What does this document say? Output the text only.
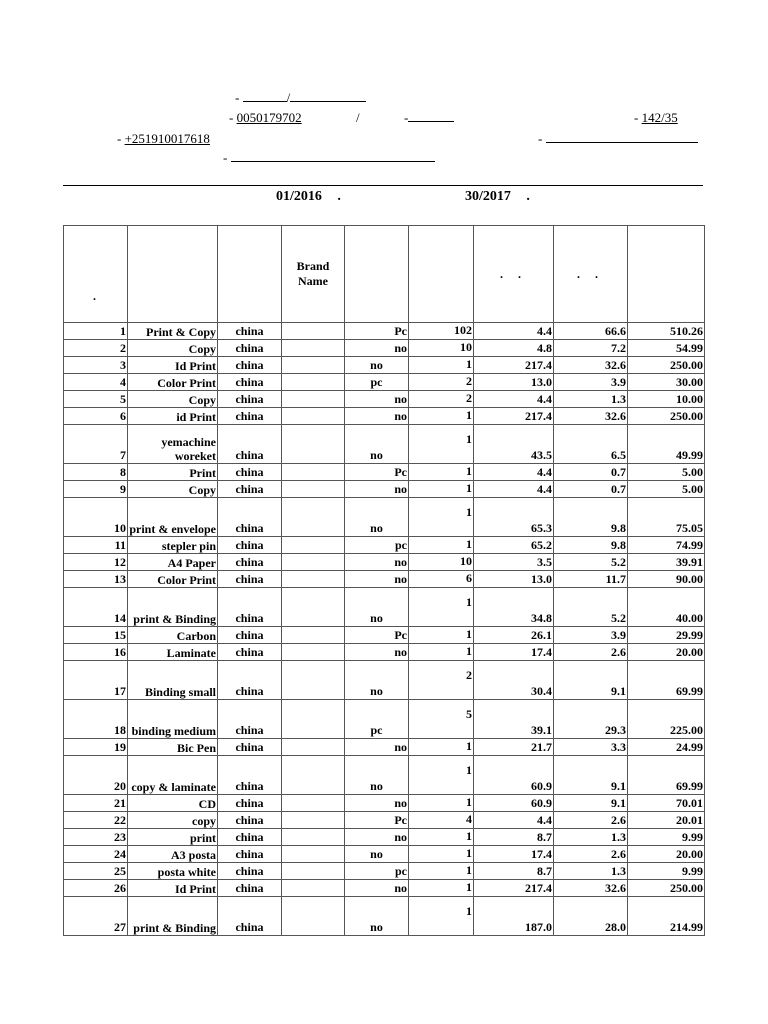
-	/
- 0050179702	/	-	- 142/35
- +251910017618	-
-
01/2016 .	30/2017 .
.			Brand Name			. .	. .	
1	Print & Copy	china		Pc	102	4.4	66.6	510.26
2	Copy	china		no	10	4.8	7.2	54.99
3	Id Print	china		no	1	217.4	32.6	250.00
4	Color Print	china		pc	2	13.0	3.9	30.00
5	Copy	china		no	2	4.4	1.3	10.00
6	id Print	china		no	1	217.4	32.6	250.00
7	yemachine woreket	china		no	1	43.5	6.5	49.99
8	Print	china		Pc	1	4.4	0.7	5.00
9	Copy	china		no	1	4.4	0.7	5.00
10	print & envelope	china		no	1	65.3	9.8	75.05
11	stepler pin	china		pc	1	65.2	9.8	74.99
12	A4 Paper	china		no	10	3.5	5.2	39.91
13	Color Print	china		no	6	13.0	11.7	90.00
14	print & Binding	china		no	1	34.8	5.2	40.00
15	Carbon	china		Pc	1	26.1	3.9	29.99
16	Laminate	china		no	1	17.4	2.6	20.00
17	Binding small	china		no	2	30.4	9.1	69.99
18	binding medium	china		pc	5	39.1	29.3	225.00
19	Bic Pen	china		no	1	21.7	3.3	24.99
20	copy & laminate	china		no	1	60.9	9.1	69.99
21	CD	china		no	1	60.9	9.1	70.01
22	copy	china		Pc	4	4.4	2.6	20.01
23	print	china		no	1	8.7	1.3	9.99
24	A3 posta	china		no	1	17.4	2.6	20.00
25	posta white	china		pc	1	8.7	1.3	9.99
26	Id Print	china		no	1	217.4	32.6	250.00
27	print & Binding	china		no	1	187.0	28.0	214.99
